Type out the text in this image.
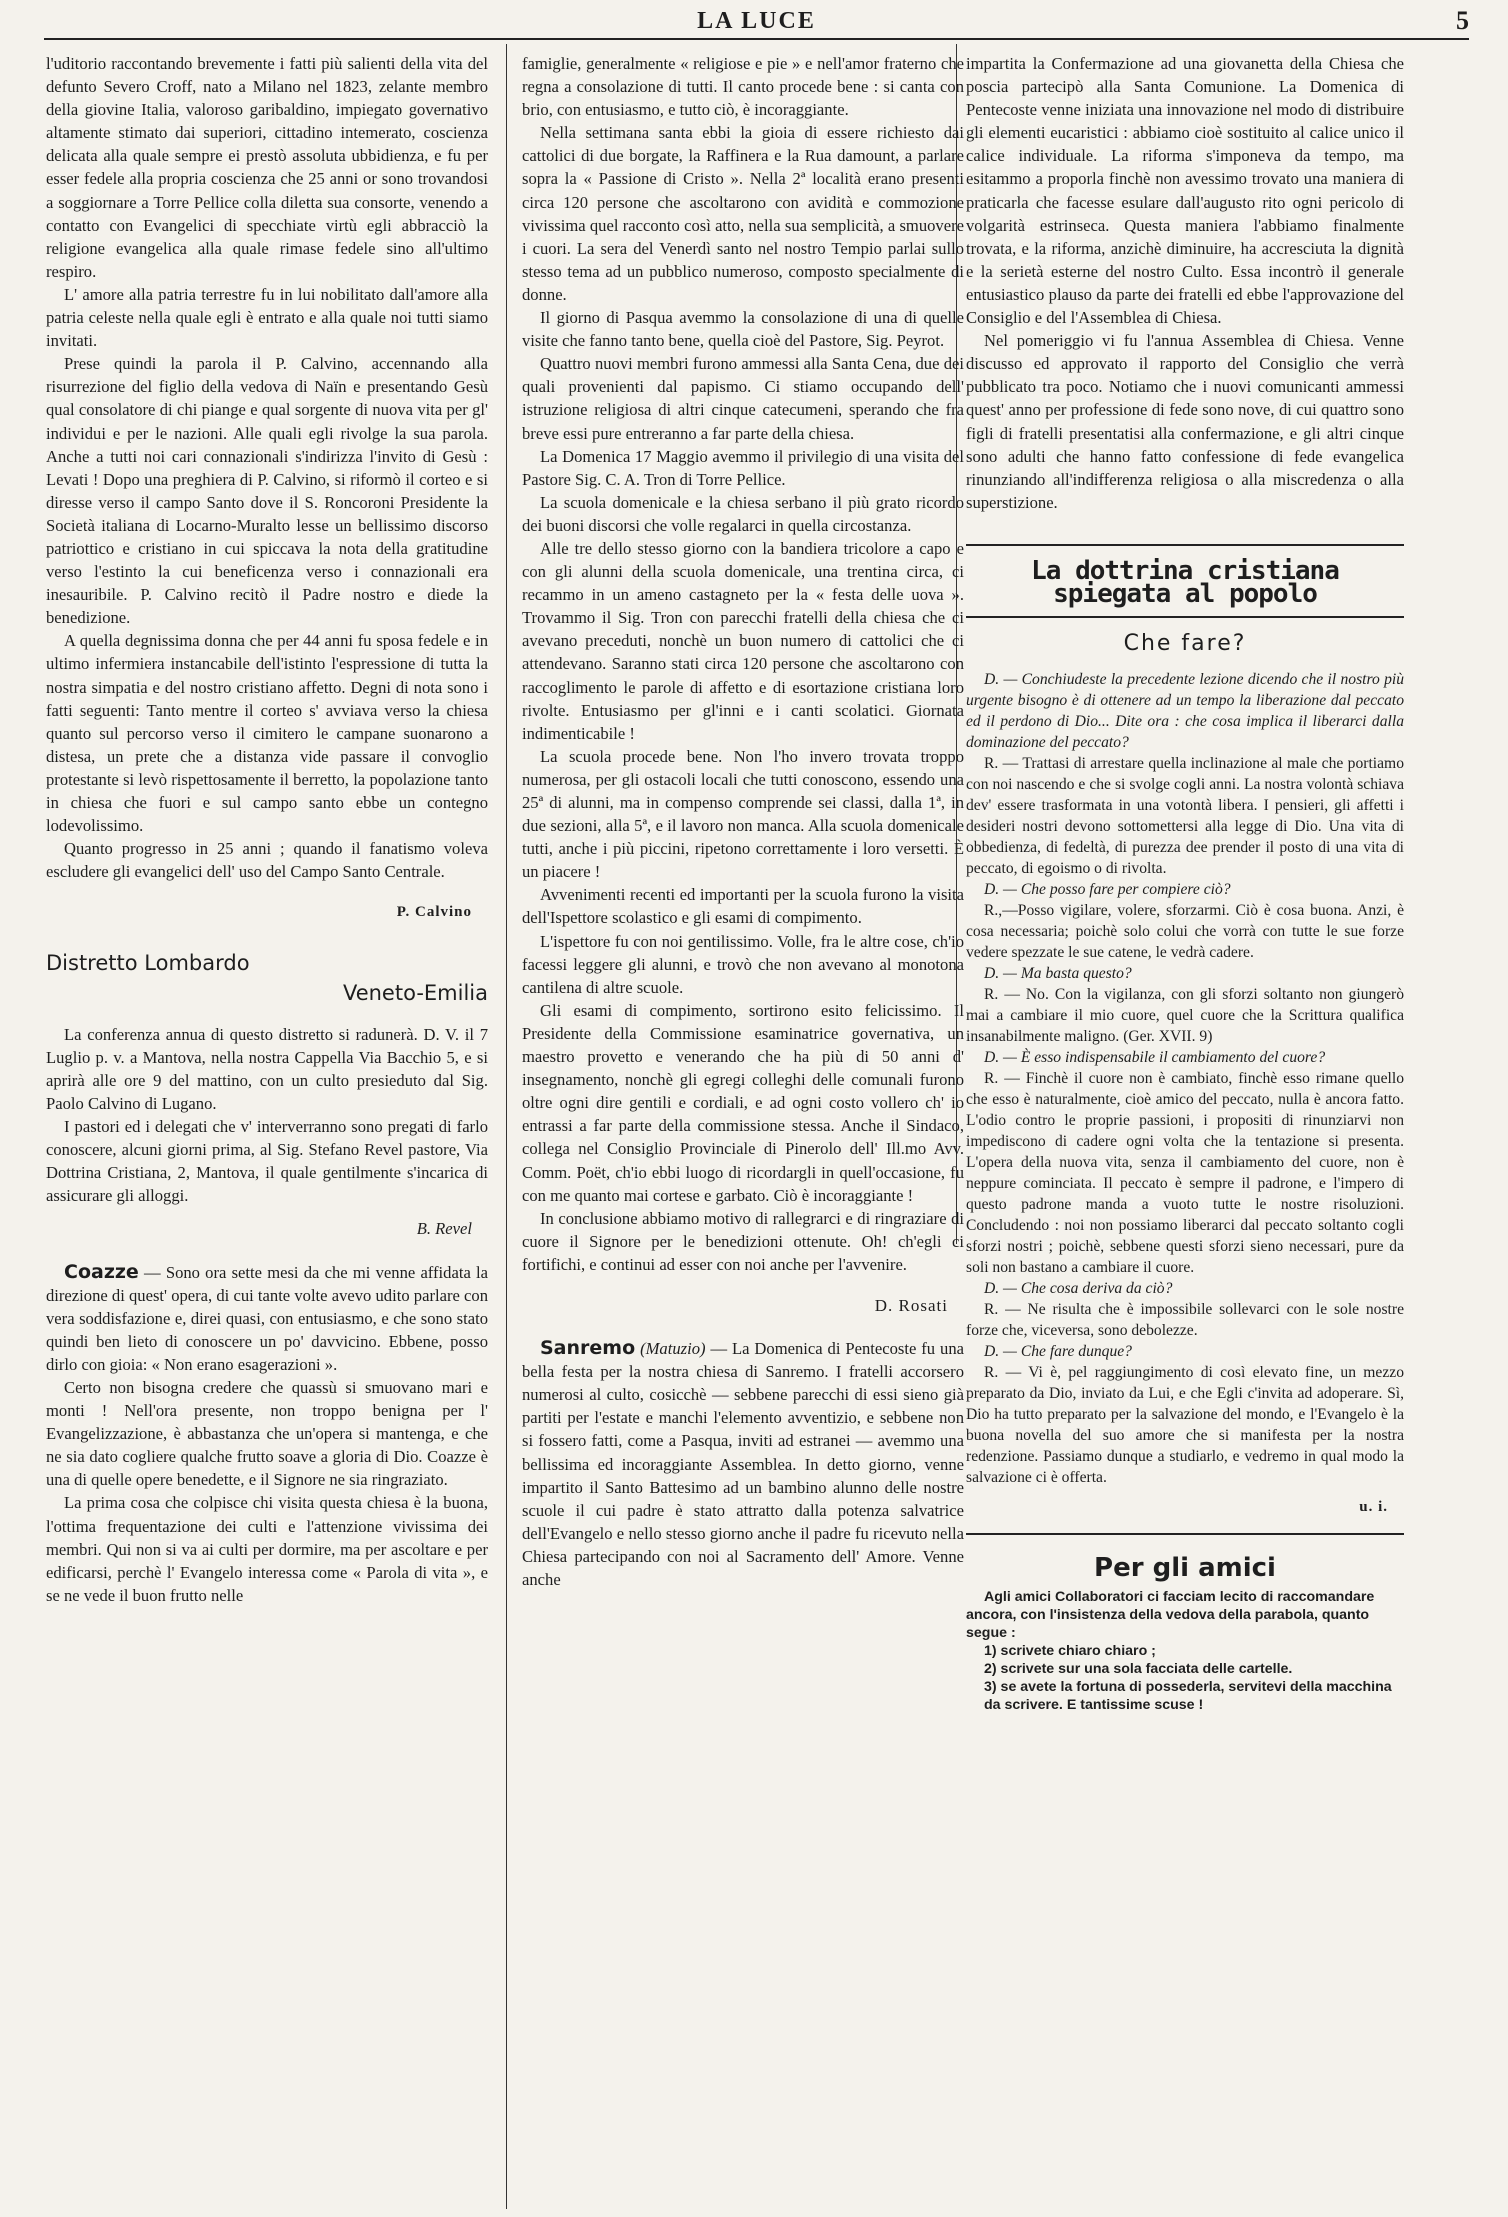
LA LUCE	5

l'uditorio raccontando brevemente i fatti più salienti della vita del defunto Severo Croff, nato a Milano nel 1823, zelante membro della giovine Italia, valoroso garibaldino, impiegato governativo altamente stimato dai superiori, cittadino intemerato, coscienza delicata alla quale sempre ei prestò assoluta ubbidienza, e fu per esser fedele alla propria coscienza che 25 anni or sono trovandosi a soggiornare a Torre Pellice colla diletta sua consorte, venendo a contatto con Evangelici di specchiate virtù egli abbracciò la religione evangelica alla quale rimase fedele sino all'ultimo respiro.

L' amore alla patria terrestre fu in lui nobilitato dall'amore alla patria celeste nella quale egli è entrato e alla quale noi tutti siamo invitati.

Prese quindi la parola il P. Calvino, accennando alla risurrezione del figlio della vedova di Naïn e presentando Gesù qual consolatore di chi piange e qual sorgente di nuova vita per gl' individui e per le nazioni. Alle quali egli rivolge la sua parola. Anche a tutti noi cari connazionali s'indirizza l'invito di Gesù : Levati ! Dopo una preghiera di P. Calvino, si riformò il corteo e si diresse verso il campo Santo dove il S. Roncoroni Presidente la Società italiana di Locarno-Muralto lesse un bellissimo discorso patriottico e cristiano in cui spiccava la nota della gratitudine verso l'estinto la cui beneficenza verso i connazionali era inesauribile. P. Calvino recitò il Padre nostro e diede la benedizione.

A quella degnissima donna che per 44 anni fu sposa fedele e in ultimo infermiera instancabile dell'istinto l'espressione di tutta la nostra simpatia e del nostro cristiano affetto. Degni di nota sono i fatti seguenti: Tanto mentre il corteo s' avviava verso la chiesa quanto sul percorso verso il cimitero le campane suonarono a distesa, un prete che a distanza vide passare il convoglio protestante si levò rispettosamente il berretto, la popolazione tanto in chiesa che fuori e sul campo santo ebbe un contegno lodevolissimo.

Quanto progresso in 25 anni ; quando il fanatismo voleva escludere gli evangelici dell' uso del Campo Santo Centrale.

P. Calvino
Distretto Lombardo
Veneto-Emilia

La conferenza annua di questo distretto si radunerà. D. V. il 7 Luglio p. v. a Mantova, nella nostra Cappella Via Bacchio 5, e si aprirà alle ore 9 del mattino, con un culto presieduto dal Sig. Paolo Calvino di Lugano.

I pastori ed i delegati che v' interverranno sono pregati di farlo conoscere, alcuni giorni prima, al Sig. Stefano Revel pastore, Via Dottrina Cristiana, 2, Mantova, il quale gentilmente s'incarica di assicurare gli alloggi.

B. Revel

Coazze — Sono ora sette mesi da che mi venne affidata la direzione di quest' opera, di cui tante volte avevo udito parlare con vera soddisfazione e, direi quasi, con entusiasmo, e che sono stato quindi ben lieto di conoscere un po' davvicino. Ebbene, posso dirlo con gioia: « Non erano esagerazioni ».

Certo non bisogna credere che quassù si smuovano mari e monti ! Nell'ora presente, non troppo benigna per l' Evangelizzazione, è abbastanza che un'opera si mantenga, e che ne sia dato cogliere qualche frutto soave a gloria di Dio. Coazze è una di quelle opere benedette, e il Signore ne sia ringraziato.

La prima cosa che colpisce chi visita questa chiesa è la buona, l'ottima frequentazione dei culti e l'attenzione vivissima dei membri. Qui non si va ai culti per dormire, ma per ascoltare e per edificarsi, perchè l' Evangelo interessa come « Parola di vita », e se ne vede il buon frutto nelle

famiglie, generalmente « religiose e pie » e nell'amor fraterno che regna a consolazione di tutti. Il canto procede bene : si canta con brio, con entusiasmo, e tutto ciò, è incoraggiante.

Nella settimana santa ebbi la gioia di essere richiesto dai cattolici di due borgate, la Raffinera e la Rua damount, a parlare sopra la « Passione di Cristo ». Nella 2ª località erano presenti circa 120 persone che ascoltarono con avidità e commozione vivissima quel racconto così atto, nella sua semplicità, a smuovere i cuori. La sera del Venerdì santo nel nostro Tempio parlai sullo stesso tema ad un pubblico numeroso, composto specialmente di donne.

Il giorno di Pasqua avemmo la consolazione di una di quelle visite che fanno tanto bene, quella cioè del Pastore, Sig. Peyrot.

Quattro nuovi membri furono ammessi alla Santa Cena, due dei quali provenienti dal papismo. Ci stiamo occupando dell' istruzione religiosa di altri cinque catecumeni, sperando che fra breve essi pure entreranno a far parte della chiesa.

La Domenica 17 Maggio avemmo il privilegio di una visita del Pastore Sig. C. A. Tron di Torre Pellice.

La scuola domenicale e la chiesa serbano il più grato ricordo dei buoni discorsi che volle regalarci in quella circostanza.

Alle tre dello stesso giorno con la bandiera tricolore a capo e con gli alunni della scuola domenicale, una trentina circa, ci recammo in un ameno castagneto per la « festa delle uova ». Trovammo il Sig. Tron con parecchi fratelli della chiesa che ci avevano preceduti, nonchè un buon numero di cattolici che ci attendevano. Saranno stati circa 120 persone che ascoltarono con raccoglimento le parole di affetto e di esortazione cristiana loro rivolte. Entusiasmo per gl'inni e i canti scolatici. Giornata indimenticabile !

La scuola procede bene. Non l'ho invero trovata troppo numerosa, per gli ostacoli locali che tutti conoscono, essendo una 25ª di alunni, ma in compenso comprende sei classi, dalla 1ª, in due sezioni, alla 5ª, e il lavoro non manca. Alla scuola domenicale tutti, anche i più piccini, ripetono correttamente i loro versetti. È un piacere !

Avvenimenti recenti ed importanti per la scuola furono la visita dell'Ispettore scolastico e gli esami di compimento.

L'ispettore fu con noi gentilissimo. Volle, fra le altre cose, ch'io facessi leggere gli alunni, e trovò che non avevano al monotona cantilena di altre scuole.

Gli esami di compimento, sortirono esito felicissimo. Il Presidente della Commissione esaminatrice governativa, un maestro provetto e venerando che ha più di 50 anni d' insegnamento, nonchè gli egregi colleghi delle comunali furono oltre ogni dire gentili e cordiali, e ad ogni costo vollero ch' io entrassi a far parte della commissione stessa. Anche il Sindaco, collega nel Consiglio Provinciale di Pinerolo dell' Ill.mo Avv. Comm. Poët, ch'io ebbi luogo di ricordargli in quell'occasione, fu con me quanto mai cortese e garbato. Ciò è incoraggiante !

In conclusione abbiamo motivo di rallegrarci e di ringraziare di cuore il Signore per le benedizioni ottenute. Oh! ch'egli ci fortifichi, e continui ad esser con noi anche per l'avvenire.

D. Rosati

Sanremo (Matuzio) — La Domenica di Pentecoste fu una bella festa per la nostra chiesa di Sanremo. I fratelli accorsero numerosi al culto, cosicchè — sebbene parecchi di essi sieno già partiti per l'estate e manchi l'elemento avventizio, e sebbene non si fossero fatti, come a Pasqua, inviti ad estranei — avemmo una bellissima ed incoraggiante Assemblea. In detto giorno, venne impartito il Santo Battesimo ad un bambino alunno delle nostre scuole il cui padre è stato attratto dalla potenza salvatrice dell'Evangelo e nello stesso giorno anche il padre fu ricevuto nella Chiesa partecipando con noi al Sacramento dell' Amore. Venne anche

impartita la Confermazione ad una giovanetta della Chiesa che poscia partecipò alla Santa Comunione. La Domenica di Pentecoste venne iniziata una innovazione nel modo di distribuire gli elementi eucaristici : abbiamo cioè sostituito al calice unico il calice individuale. La riforma s'imponeva da tempo, ma esitammo a proporla finchè non avessimo trovato una maniera di praticarla che facesse esulare dall'augusto rito ogni pericolo di volgarità estrinseca. Questa maniera l'abbiamo finalmente trovata, e la riforma, anzichè diminuire, ha accresciuta la dignità e la serietà esterne del nostro Culto. Essa incontrò il generale entusiastico plauso da parte dei fratelli ed ebbe l'approvazione del Consiglio e del l'Assemblea di Chiesa.

Nel pomeriggio vi fu l'annua Assemblea di Chiesa. Venne discusso ed approvato il rapporto del Consiglio che verrà pubblicato tra poco. Notiamo che i nuovi comunicanti ammessi quest' anno per professione di fede sono nove, di cui quattro sono figli di fratelli presentatisi alla confermazione, e gli altri cinque sono adulti che hanno fatto confessione di fede evangelica rinunziando all'indifferenza religiosa o alla miscredenza o alla superstizione.

La dottrina cristiana spiegata al popolo
Che fare?

D. — Conchiudeste la precedente lezione dicendo che il nostro più urgente bisogno è di ottenere ad un tempo la liberazione dal peccato ed il perdono di Dio... Dite ora : che cosa implica il liberarci dalla dominazione del peccato?

R. — Trattasi di arrestare quella inclinazione al male che portiamo con noi nascendo e che si svolge cogli anni. La nostra volontà schiava dev' essere trasformata in una votontà libera. I pensieri, gli affetti i desideri nostri devono sottomettersi alla legge di Dio. Una vita di obbedienza, di fedeltà, di purezza dee prender il posto di una vita di peccato, di egoismo o di rivolta.

D. — Che posso fare per compiere ciò?

R.,—Posso vigilare, volere, sforzarmi. Ciò è cosa buona. Anzi, è cosa necessaria; poichè solo colui che vorrà con tutte le sue forze vedere spezzate le sue catene, le vedrà cadere.

D. — Ma basta questo?

R. — No. Con la vigilanza, con gli sforzi soltanto non giungerò mai a cambiare il mio cuore, quel cuore che la Scrittura qualifica insanabilmente maligno. (Ger. XVII. 9)

D. — È esso indispensabile il cambiamento del cuore?

R. — Finchè il cuore non è cambiato, finchè esso rimane quello che esso è naturalmente, cioè amico del peccato, nulla è ancora fatto. L'odio contro le proprie passioni, i propositi di rinunziarvi non impediscono di cadere ogni volta che la tentazione si presenta. L'opera della nuova vita, senza il cambiamento del cuore, non è neppure cominciata. Il peccato è sempre il padrone, e l'impero di questo padrone manda a vuoto tutte le nostre risoluzioni. Concludendo : noi non possiamo liberarci dal peccato soltanto cogli sforzi nostri ; poichè, sebbene questi sforzi sieno necessari, pure da soli non bastano a cambiare il cuore.

D. — Che cosa deriva da ciò?

R. — Ne risulta che è impossibile sollevarci con le sole nostre forze che, viceversa, sono debolezze.

D. — Che fare dunque?

R. — Vi è, pel raggiungimento di così elevato fine, un mezzo preparato da Dio, inviato da Lui, e che Egli c'invita ad adoperare. Sì, Dio ha tutto preparato per la salvazione del mondo, e l'Evangelo è la buona novella del suo amore che si manifesta per la nostra redenzione. Passiamo dunque a studiarlo, e vedremo in qual modo la salvazione ci è offerta.

u. i.
Per gli amici

Agli amici Collaboratori ci facciam lecito di raccomandare ancora, con l'insistenza della vedova della parabola, quanto segue :

1) scrivete chiaro chiaro ;

2) scrivete sur una sola facciata delle cartelle.

3) se avete la fortuna di possederla, servitevi della macchina da scrivere. E tantissime scuse !
